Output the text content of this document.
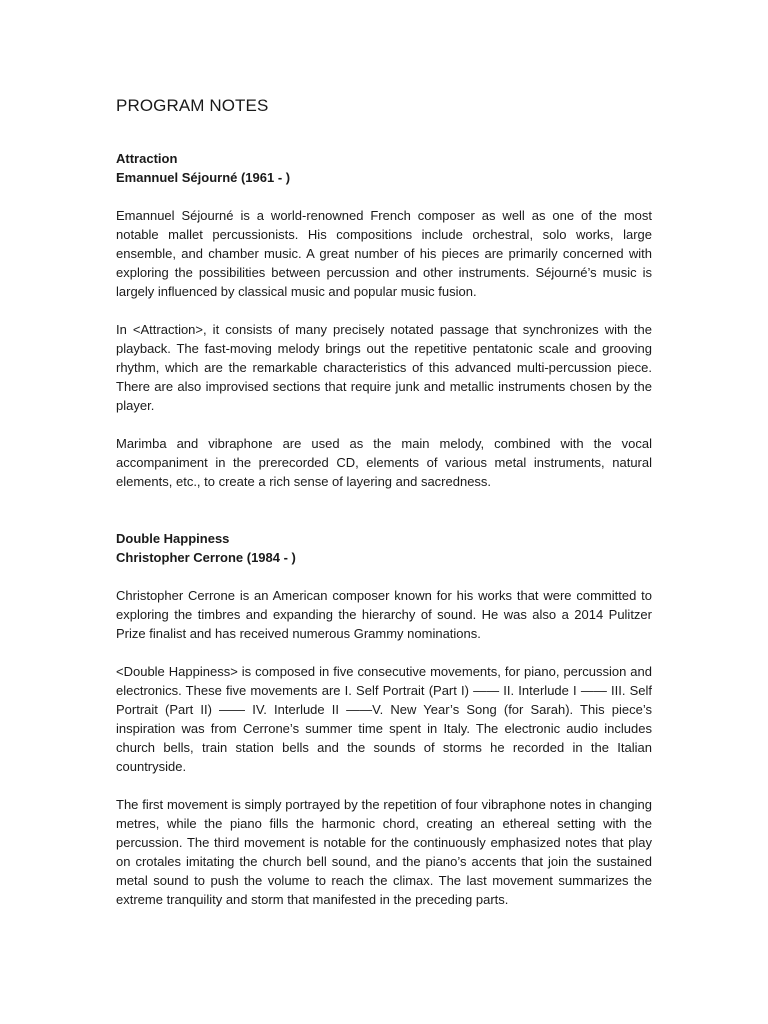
PROGRAM NOTES

Attraction

Emannuel Séjourné (1961 - )

Emannuel Séjourné is a world-renowned French composer as well as one of the most notable mallet percussionists. His compositions include orchestral, solo works, large ensemble, and chamber music. A great number of his pieces are primarily concerned with exploring the possibilities between percussion and other instruments. Séjourné’s music is largely influenced by classical music and popular music fusion.

In <Attraction>, it consists of many precisely notated passage that synchronizes with the playback. The fast-moving melody brings out the repetitive pentatonic scale and grooving rhythm, which are the remarkable characteristics of this advanced multi-percussion piece. There are also improvised sections that require junk and metallic instruments chosen by the player.

Marimba and vibraphone are used as the main melody, combined with the vocal accompaniment in the prerecorded CD, elements of various metal instruments, natural elements, etc., to create a rich sense of layering and sacredness.

Double Happiness

Christopher Cerrone (1984 - )

Christopher Cerrone is an American composer known for his works that were committed to exploring the timbres and expanding the hierarchy of sound. He was also a 2014 Pulitzer Prize finalist and has received numerous Grammy nominations.

<Double Happiness> is composed in five consecutive movements, for piano, percussion and electronics. These five movements are I. Self Portrait (Part I) —— II. Interlude I —— III. Self Portrait (Part II) —— IV. Interlude II ——V. New Year’s Song (for Sarah). This piece’s inspiration was from Cerrone’s summer time spent in Italy. The electronic audio includes church bells, train station bells and the sounds of storms he recorded in the Italian countryside.

The first movement is simply portrayed by the repetition of four vibraphone notes in changing metres, while the piano fills the harmonic chord, creating an ethereal setting with the percussion. The third movement is notable for the continuously emphasized notes that play on crotales imitating the church bell sound, and the piano’s accents that join the sustained metal sound to push the volume to reach the climax. The last movement summarizes the extreme tranquility and storm that manifested in the preceding parts.
